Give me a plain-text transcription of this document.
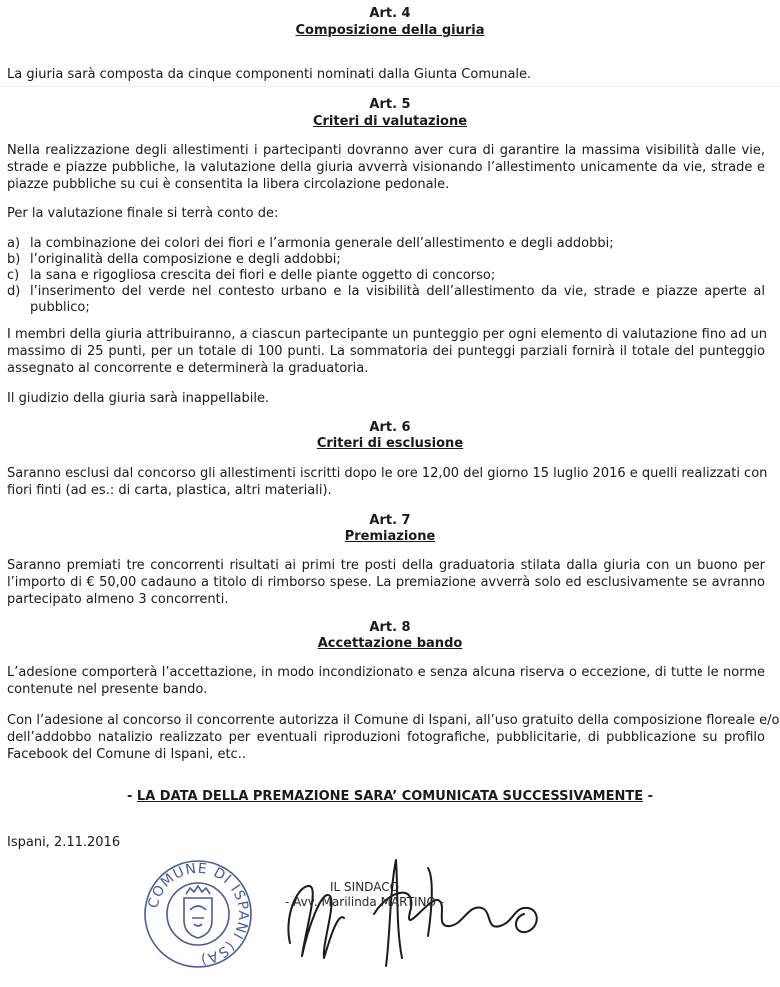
Art. 4
Composizione della giuria
La giuria sarà composta da cinque componenti nominati dalla Giunta Comunale.
Art. 5
Criteri di valutazione
Nella realizzazione degli allestimenti i partecipanti dovranno aver cura di garantire la massima visibilità dalle vie,
strade e piazze pubbliche, la valutazione della giuria avverrà visionando l’allestimento unicamente da vie, strade e
piazze pubbliche su cui è consentita la libera circolazione pedonale.
Per la valutazione finale si terrà conto de:
a) la combinazione dei colori dei fiori e l’armonia generale dell’allestimento e degli addobbi;
b) l’originalità della composizione e degli addobbi;
c) la sana e rigogliosa crescita dei fiori e delle piante oggetto di concorso;
d) l’inserimento del verde nel contesto urbano e la visibilità dell’allestimento da vie, strade e piazze aperte al
pubblico;
I membri della giuria attribuiranno, a ciascun partecipante un punteggio per ogni elemento di valutazione fino ad un
massimo di 25 punti, per un totale di 100 punti. La sommatoria dei punteggi parziali fornirà il totale del punteggio
assegnato al concorrente e determinerà la graduatoria.
Il giudizio della giuria sarà inappellabile.
Art. 6
Criteri di esclusione
Saranno esclusi dal concorso gli allestimenti iscritti dopo le ore 12,00 del giorno 15 luglio 2016 e quelli realizzati con
fiori finti (ad es.: di carta, plastica, altri materiali).
Art. 7
Premiazione
Saranno premiati tre concorrenti risultati ai primi tre posti della graduatoria stilata dalla giuria con un buono per
l’importo di € 50,00 cadauno a titolo di rimborso spese. La premiazione avverrà solo ed esclusivamente se avranno
partecipato almeno 3 concorrenti.
Art. 8
Accettazione bando
L’adesione comporterà l’accettazione, in modo incondizionato e senza alcuna riserva o eccezione, di tutte le norme
contenute nel presente bando.
Con l’adesione al concorso il concorrente autorizza il Comune di Ispani, all’uso gratuito della composizione floreale e/o
dell’addobbo natalizio realizzato per eventuali riproduzioni fotografiche, pubblicitarie, di pubblicazione su profilo
Facebook del Comune di Ispani, etc..
- LA DATA DELLA PREMAZIONE SARA’ COMUNICATA SUCCESSIVAMENTE -
Ispani, 2.11.2016
COMUNE DI ISPANI (SA)
IL SINDACO
- Avv. Marilinda MARTINO -
